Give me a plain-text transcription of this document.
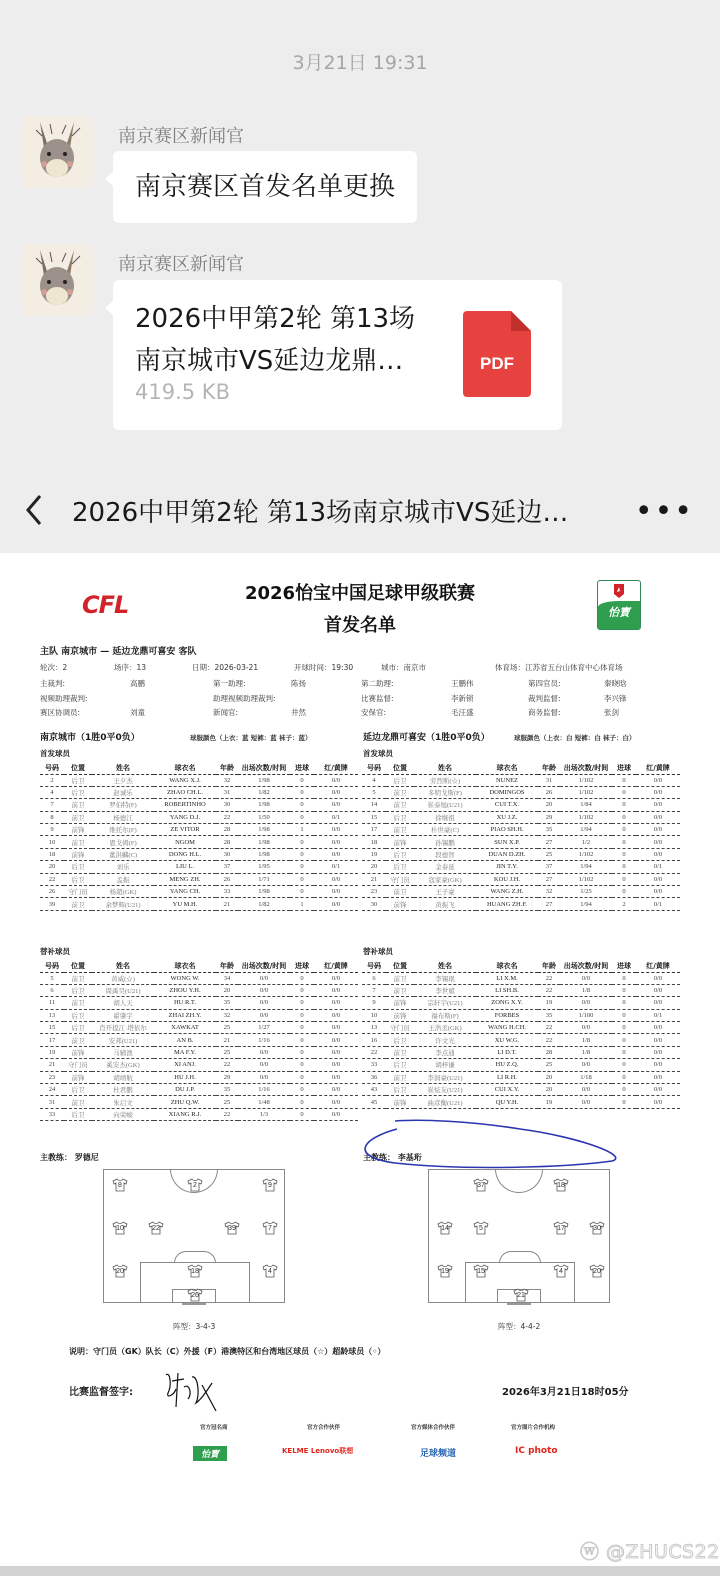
3月21日 19:31
南京赛区新闻官
南京赛区首发名单更换
南京赛区新闻官
2026中甲第2轮 第13场
南京城市VS延边龙鼎…
419.5 KB
PDF
2026中甲第2轮 第13场南京城市VS延边…	•••
CFL	2026怡宝中国足球甲级联赛
首发名单
怡寳
主队 南京城市 — 延边龙鼎可喜安 客队
轮次：2	场序：13	日期：2026-03-21	开球时间：19:30	城市：南京市	体育场：江苏省五台山体育中心体育场
主裁判:	高鹏	第一助理:	陈扬	第二助理:	王鹏伟	第四官员:	秦晓晗
视频助理裁判:	助理视频助理裁判:	比赛监督:	李新锁	裁判监督:	李兴锋
赛区协调员:	刘童	新闻官:	井然	安保官:	毛汪盛	商务监督:	张剑
南京城市（1胜0平0负）	球服颜色（上衣：蓝 短裤：蓝 袜子：蓝）	延边龙鼎可喜安（1胜0平0负）	球服颜色（上衣：白 短裤：白 袜子：白）
首发球员	首发球员
号码	位置	姓名	球衣名	年龄	出场次数/时间	进球	红/黄牌
2	后卫	王夕杰	WANG X.J.	32	1/98	0	0/0
4	后卫	赵诚乐	ZHAO CH.L.	31	1/82	0	0/0
7	前卫	罗伯特(F)	ROBERTINHO	30	1/98	0	0/0
8	前卫	杨德江	YANG D.J.	22	1/50	0	0/1
9	前锋	维托尔(F)	ZE VITOR	28	1/98	1	0/0
10	前卫	恩戈姆(F)	NGOM	28	1/98	0	0/0
18	前锋	董洪麟(C)	DONG H.L.	30	1/98	0	0/0
20	后卫	刘乐	LIU L.	37	1/95	0	0/1
22	后卫	孟振	MENG ZH.	26	1/71	0	0/0
26	守门员	杨超(GK)	YANG CH.	33	1/98	0	0/0
39	前卫	余梦辉(U21)	YU M.H.	21	1/82	1	0/0
号码	位置	姓名	球衣名	年龄	出场次数/时间	进球	红/黄牌
4	后卫	劳烈斯(☆)	NUNEZ	31	1/102	0	0/0
5	前卫	多明戈斯(F)	DOMINGOS	26	1/102	0	0/0
14	前卫	崔泰旭(U21)	CUI T.X.	20	1/84	0	0/0
15	后卫	徐继祖	XU J.Z.	29	1/102	0	0/0
17	前卫	朴世豪(C)	PIAO SH.H.	35	1/94	0	0/0
18	前锋	孙锡鹏	SUN X.P.	27	1/2	0	0/0
19	后卫	段德智	DUAN D.ZH.	25	1/102	0	0/0
20	后卫	金泰延	JIN T.Y.	37	1/94	0	0/1
21	守门员	寇家豪(GK)	KOU J.H.	27	1/102	0	0/0
23	前卫	王子豪	WANG Z.H.	32	1/25	0	0/0
30	前锋	黄振飞	HUANG ZH.F.	27	1/94	2	0/1
替补球员	替补球员
号码	位置	姓名	球衣名	年龄	出场次数/时间	进球	红/黄牌
5	前卫	黄威(☆)	WONG W.	34	0/0	0	0/0
6	后卫	周禹昊(U21)	ZHOU Y.H.	20	0/0	0	0/0
11	前卫	胡人天	HU R.T.	35	0/0	0	0/0
13	后卫	翟肇宇	ZHAI ZH.Y.	32	0/0	0	0/0
15	后卫	肖开提江·塔依尔	XAWKAT	25	1/27	0	0/0
17	前卫	安邦(U21)	AN B.	21	1/16	0	0/0
19	前锋	马辅渔	MA F.Y.	25	0/0	0	0/0
21	守门员	奚安杰(GK)	XI ANJ.	22	0/0	0	0/0
23	前锋	胡靖航	HU J.H.	29	0/0	0	0/0
24	后卫	杜君鹏	DU J.P.	35	1/16	0	0/0
31	前卫	朱启文	ZHU Q.W.	25	1/48	0	0/0
33	后卫	向荣峻	XIANG R.J.	22	1/3	0	0/0
号码	位置	姓名	球衣名	年龄	出场次数/时间	进球	红/黄牌
6	前卫	李锡珉	LI X.M.	22	0/0	0	0/0
7	前卫	李世斌	LI SH.B.	22	1/8	0	0/0
9	前锋	宗轩宇(U21)	ZONG X.Y.	19	0/0	0	0/0
10	前锋	福布斯(F)	FORBES	35	1/100	0	0/1
13	守门员	王浩丞(GK)	WANG H.CH.	22	0/0	0	0/0
16	后卫	许文光	XU W.G.	22	1/8	0	0/0
22	前卫	李点通	LI D.T.	28	1/8	0	0/0
33	后卫	胡梓谦	HU Z.Q.	25	0/0	0	0/0
36	前卫	李润豪(U21)	LI R.H.	20	1/18	0	0/0
43	后卫	崔炫友(U21)	CUI X.Y.	20	0/0	0	0/0
45	前锋	曲彦衡(U21)	QU Y.H.	19	0/0	0	0/0
主教练： 罗德尼	主教练： 李基珩
8	2	9
10	22	39	7
20	18	4
26
37	18
14	5	17	30
19	15	4	20
21
阵型：3-4-3	阵型：4-4-2
说明：守门员（GK）队长（C）外援（F）港澳特区和台湾地区球员（☆）超龄球员（◦）
比赛监督签字:	2026年3月21日18时05分
官方冠名商	官方合作伙伴	官方媒体合作伙伴	官方图片合作机构
怡寳	KELME Lenovo联想	足球频道	IC photo
ⓦ @ZHUCS22
